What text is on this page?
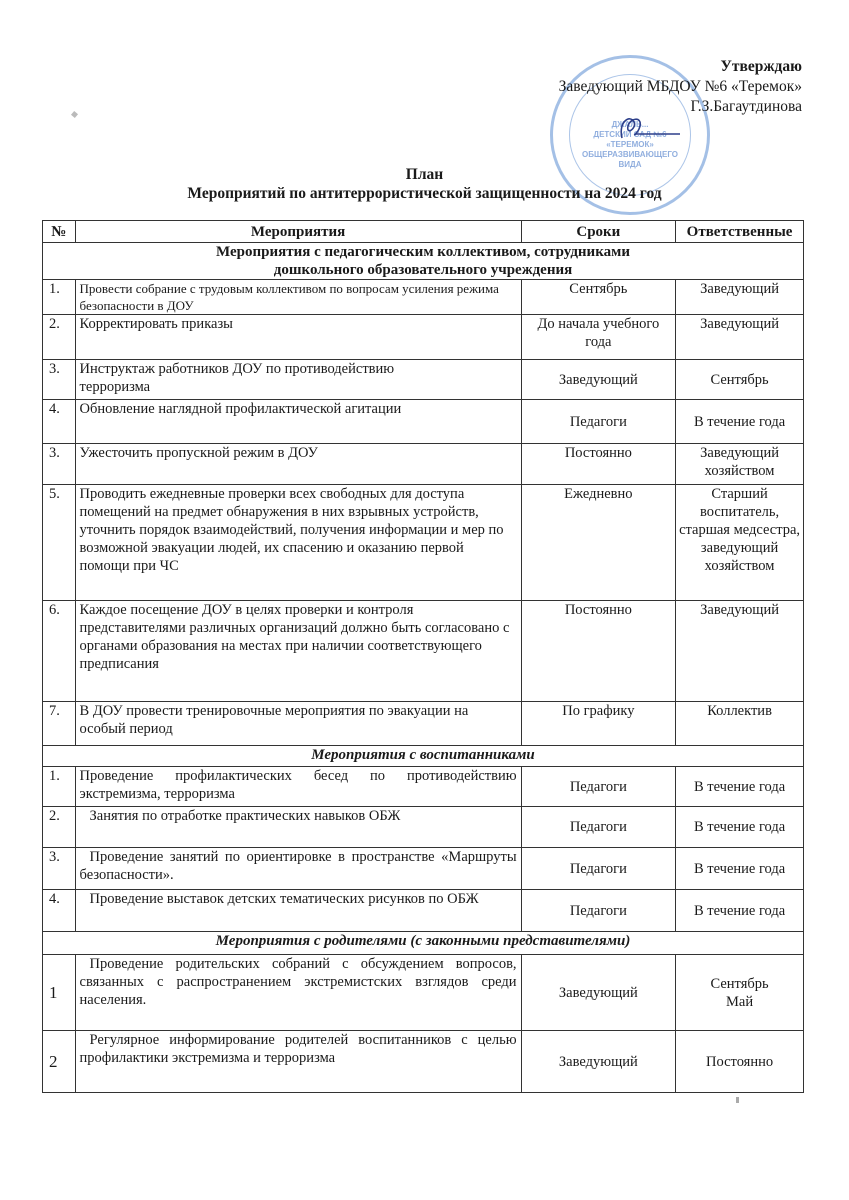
ДЖАЛЬ...
ДЕТСКИЙ САД №6
«ТЕРЕМОК»
ОБЩЕРАЗВИВАЮЩЕГО
ВИДА
Утверждаю
Заведующий МБДОУ №6 «Теремок»
Г.З.Багаутдинова
План
Мероприятий по антитеррористической защищенности на 2024 год
№	Мероприятия	Сроки	Ответственные

Мероприятия с педагогическим коллективом, сотрудниками
дошкольного образовательного учреждения			

1.	Провести собрание с трудовым коллективом по вопросам усиления режима безопасности в ДОУ	Сентябрь	Заведующий
2.	Корректировать приказы	До начала учебного года	Заведующий
3.	Инструктаж работников ДОУ по противодействию терроризма	Заведующий	Сентябрь
4.	Обновление наглядной профилактической агитации	Педагоги	В течение года
3.	Ужесточить пропускной режим в ДОУ	Постоянно	Заведующий хозяйством
5.	Проводить ежедневные проверки всех свободных для доступа помещений на предмет обнаружения в них взрывных устройств, уточнить порядок взаимодействий, получения информации и мер по возможной эвакуации людей, их спасению и оказанию первой помощи при ЧС	Ежедневно	Старший воспитатель, старшая медсестра, заведующий хозяйством
6.	Каждое посещение ДОУ в целях проверки и контроля представителями различных организаций должно быть согласовано с органами образования на местах при наличии соответствующего предписания	Постоянно	Заведующий
7.	В ДОУ провести тренировочные мероприятия по эвакуации на особый период	По графику	Коллектив
Мероприятия с воспитанниками			
1.	Проведение профилактических бесед по противодействию экстремизма, терроризма	Педагоги	В течение года
2.	Занятия по отработке практических навыков ОБЖ	Педагоги	В течение года
3.	Проведение занятий по ориентировке в пространстве «Маршруты безопасности».	Педагоги	В течение года
4.	Проведение выставок детских тематических рисунков по ОБЖ	Педагоги	В течение года
Мероприятия с родителями (с законными представителями)			
1	Проведение родительских собраний с обсуждением вопросов, связанных с распространением экстремистских взглядов среди населения.	Заведующий	Сентябрь
Май

2	Регулярное информирование родителей воспитанников с целью профилактики экстремизма и терроризма	Заведующий	Постоянно
